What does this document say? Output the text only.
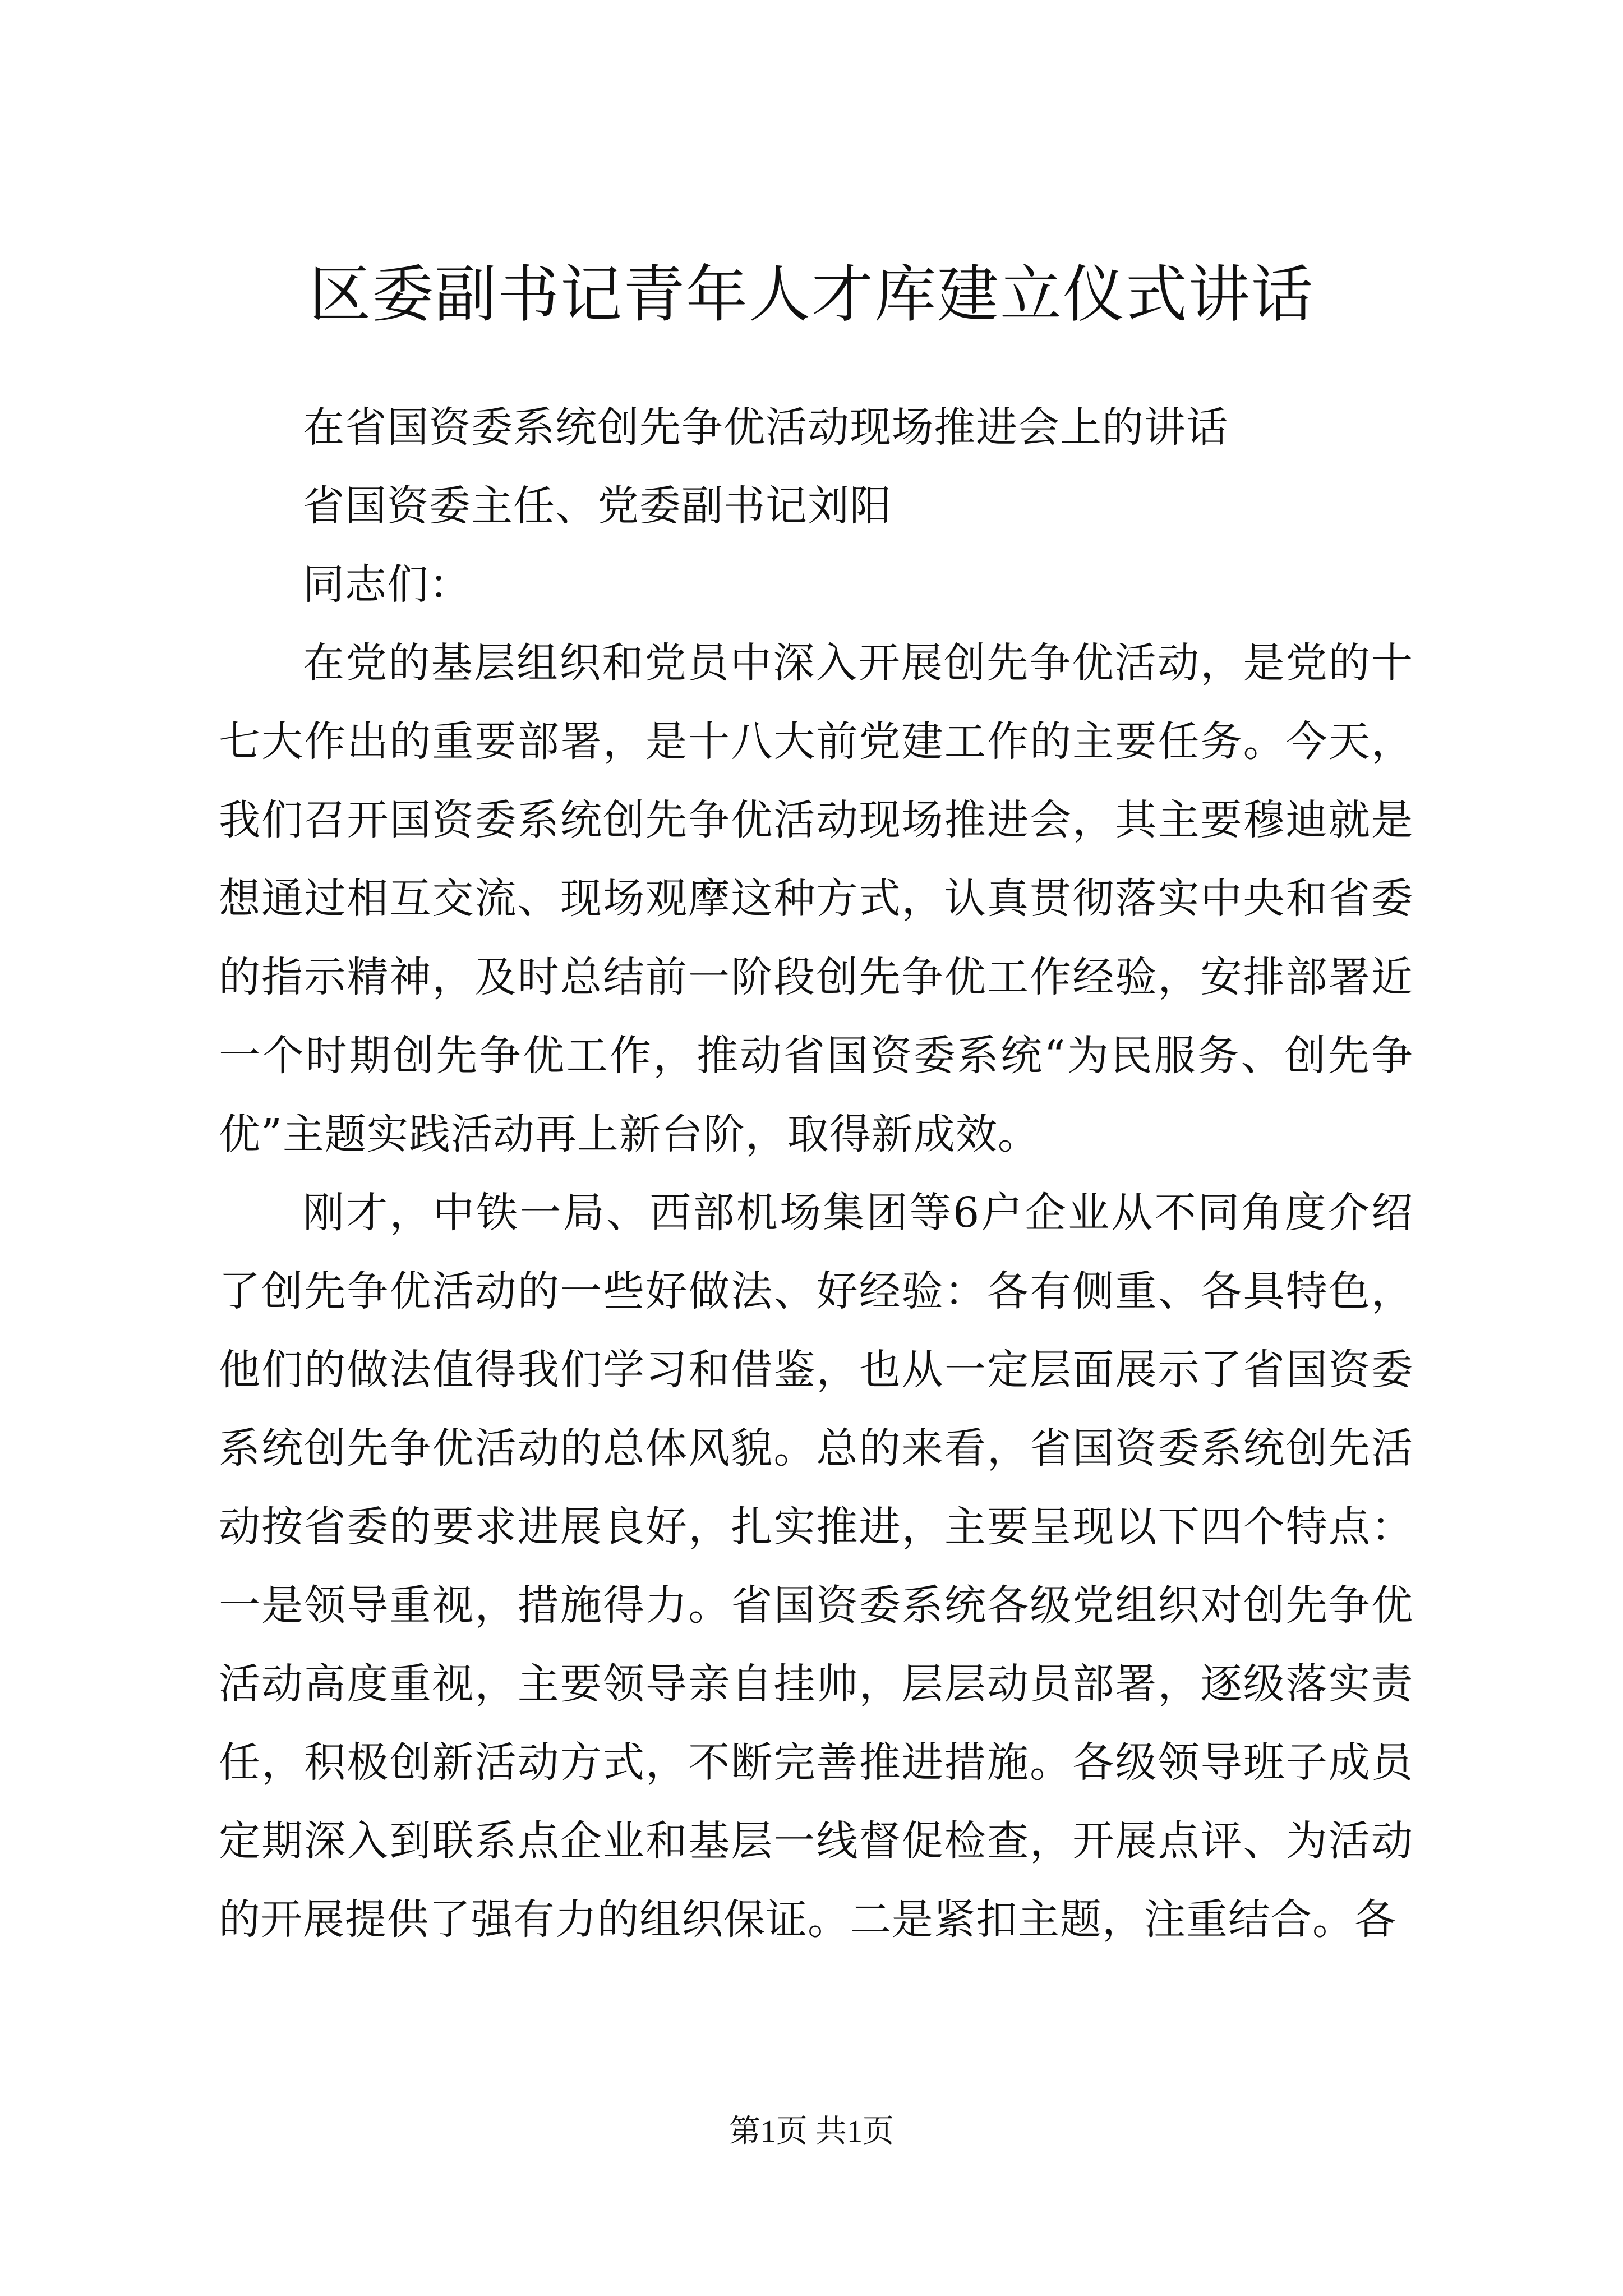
区委副书记青年人才库建立仪式讲话

在省国资委系统创先争优活动现场推进会上的讲话

省国资委主任、党委副书记刘阳

同志们：

在党的基层组织和党员中深入开展创先争优活动，是党的十七大作出的重要部署，是十八大前党建工作的主要任务。今天，我们召开国资委系统创先争优活动现场推进会，其主要穆迪就是想通过相互交流、现场观摩这种方式，认真贯彻落实中央和省委的指示精神，及时总结前一阶段创先争优工作经验，安排部署近一个时期创先争优工作，推动省国资委系统“为民服务、创先争优”主题实践活动再上新台阶，取得新成效。

刚才，中铁一局、西部机场集团等6户企业从不同角度介绍了创先争优活动的一些好做法、好经验：各有侧重、各具特色，他们的做法值得我们学习和借鉴，也从一定层面展示了省国资委系统创先争优活动的总体风貌。总的来看，省国资委系统创先活动按省委的要求进展良好，扎实推进，主要呈现以下四个特点：一是领导重视，措施得力。省国资委系统各级党组织对创先争优活动高度重视，主要领导亲自挂帅，层层动员部署，逐级落实责任，积极创新活动方式，不断完善推进措施。各级领导班子成员定期深入到联系点企业和基层一线督促检查，开展点评、为活动的开展提供了强有力的组织保证。二是紧扣主题，注重结合。各

第1页 共1页
